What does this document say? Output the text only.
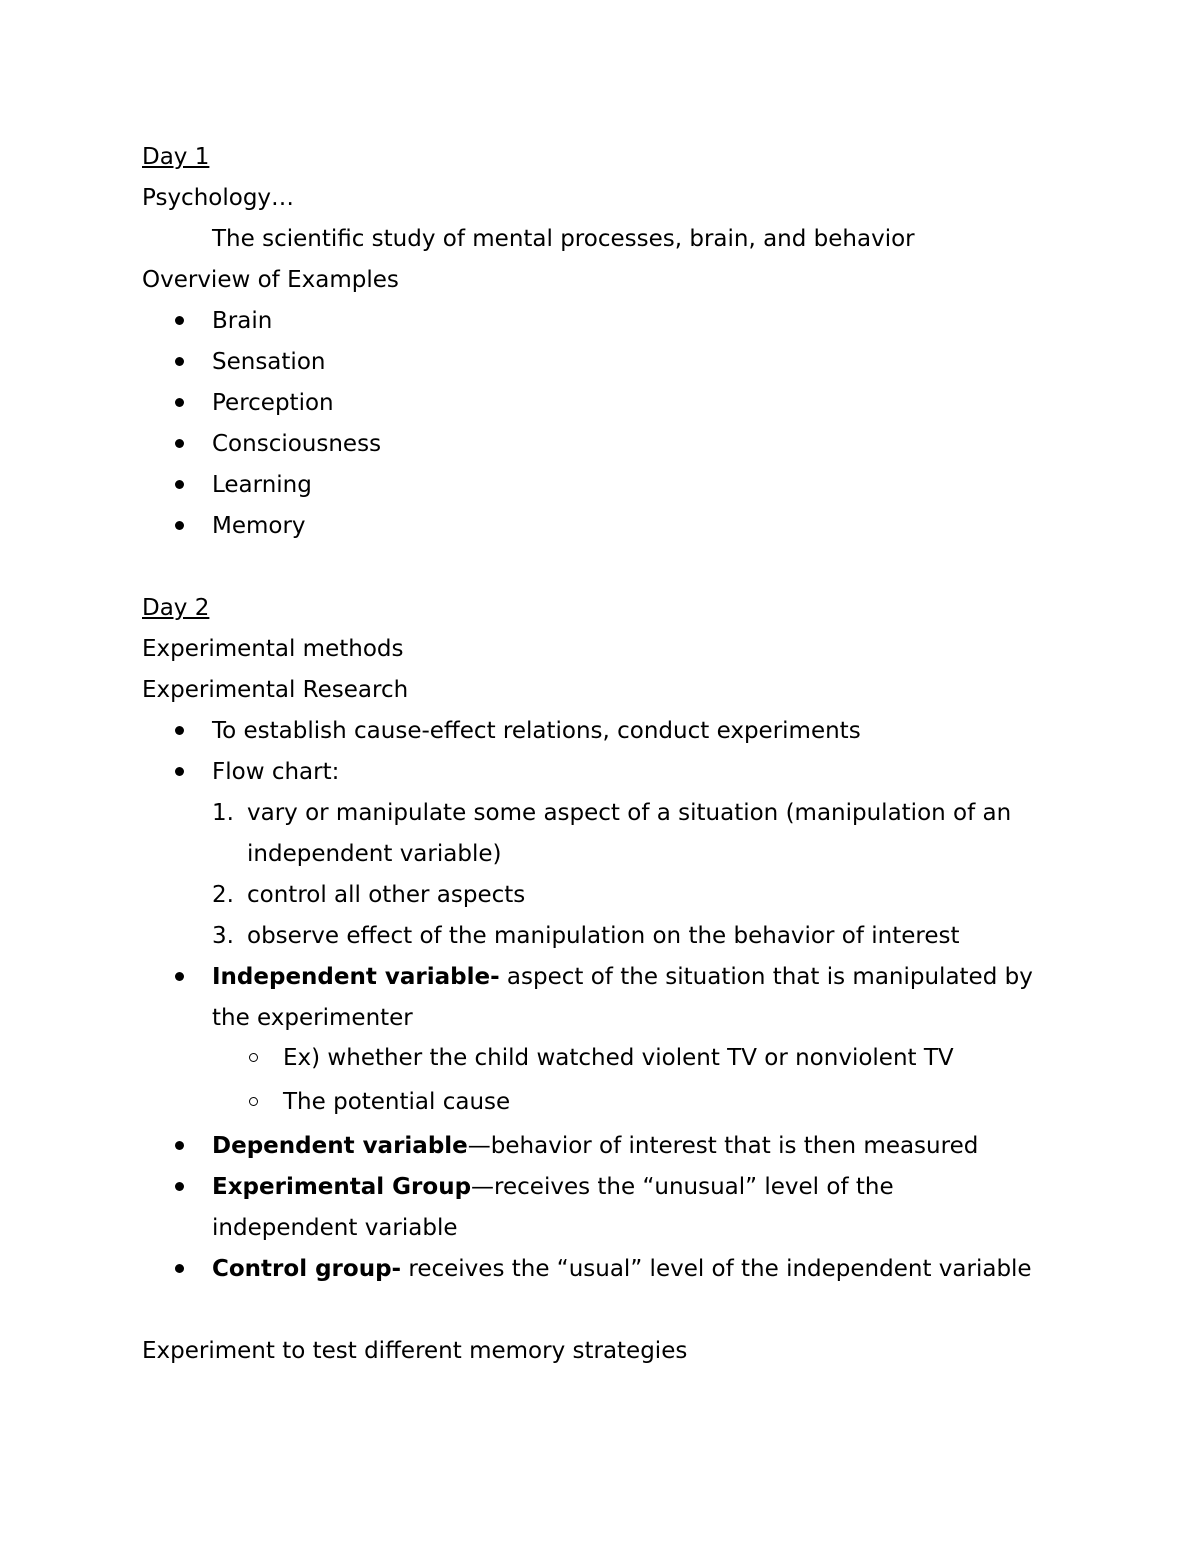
Day 1
Psychology…
The scientific study of mental processes, brain, and behavior
Overview of Examples
Brain
Sensation
Perception
Consciousness
Learning
Memory
Day 2
Experimental methods
Experimental Research
To establish cause-effect relations, conduct experiments
Flow chart:
1. vary or manipulate some aspect of a situation (manipulation of an
independent variable)
2. control all other aspects
3. observe effect of the manipulation on the behavior of interest
Independent variable- aspect of the situation that is manipulated by
the experimenter
Ex) whether the child watched violent TV or nonviolent TV
The potential cause
Dependent variable—behavior of interest that is then measured
Experimental Group—receives the “unusual” level of the
independent variable
Control group- receives the “usual” level of the independent variable
Experiment to test different memory strategies
